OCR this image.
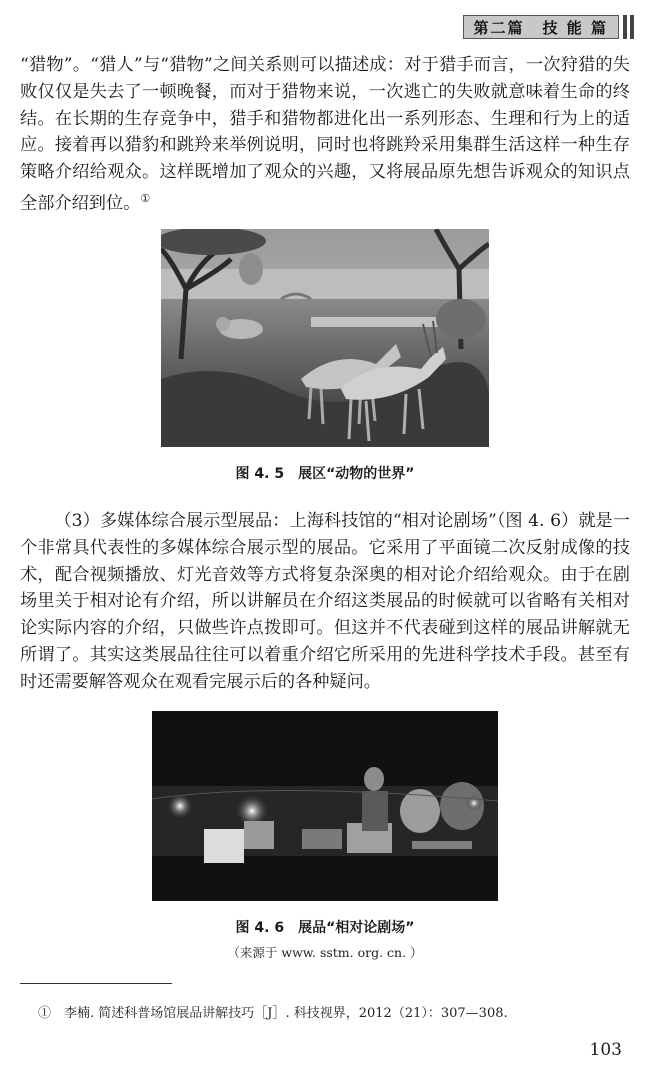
第二篇 技 能 篇

“猎物”。“猎人”与“猎物”之间关系则可以描述成：对于猎手而言，一次狩猎的失败仅仅是失去了一顿晚餐，而对于猎物来说，一次逃亡的失败就意味着生命的终结。在长期的生存竞争中，猎手和猎物都进化出一系列形态、生理和行为上的适应。接着再以猎豹和跳羚来举例说明，同时也将跳羚采用集群生活这样一种生存策略介绍给观众。这样既增加了观众的兴趣，又将展品原先想告诉观众的知识点全部介绍到位。①

图 4. 5　展区“动物的世界”

（3）多媒体综合展示型展品：上海科技馆的“相对论剧场”（图 4. 6）就是一个非常具代表性的多媒体综合展示型的展品。它采用了平面镜二次反射成像的技术，配合视频播放、灯光音效等方式将复杂深奥的相对论介绍给观众。由于在剧场里关于相对论有介绍，所以讲解员在介绍这类展品的时候就可以省略有关相对论实际内容的介绍，只做些许点拨即可。但这并不代表碰到这样的展品讲解就无所谓了。其实这类展品往往可以着重介绍它所采用的先进科学技术手段。甚至有时还需要解答观众在观看完展示后的各种疑问。

图 4. 6　展品“相对论剧场”
（来源于 www. sstm. org. cn. ）
①　李楠. 简述科普场馆展品讲解技巧［J］. 科技视界，2012（21）：307—308.
103
